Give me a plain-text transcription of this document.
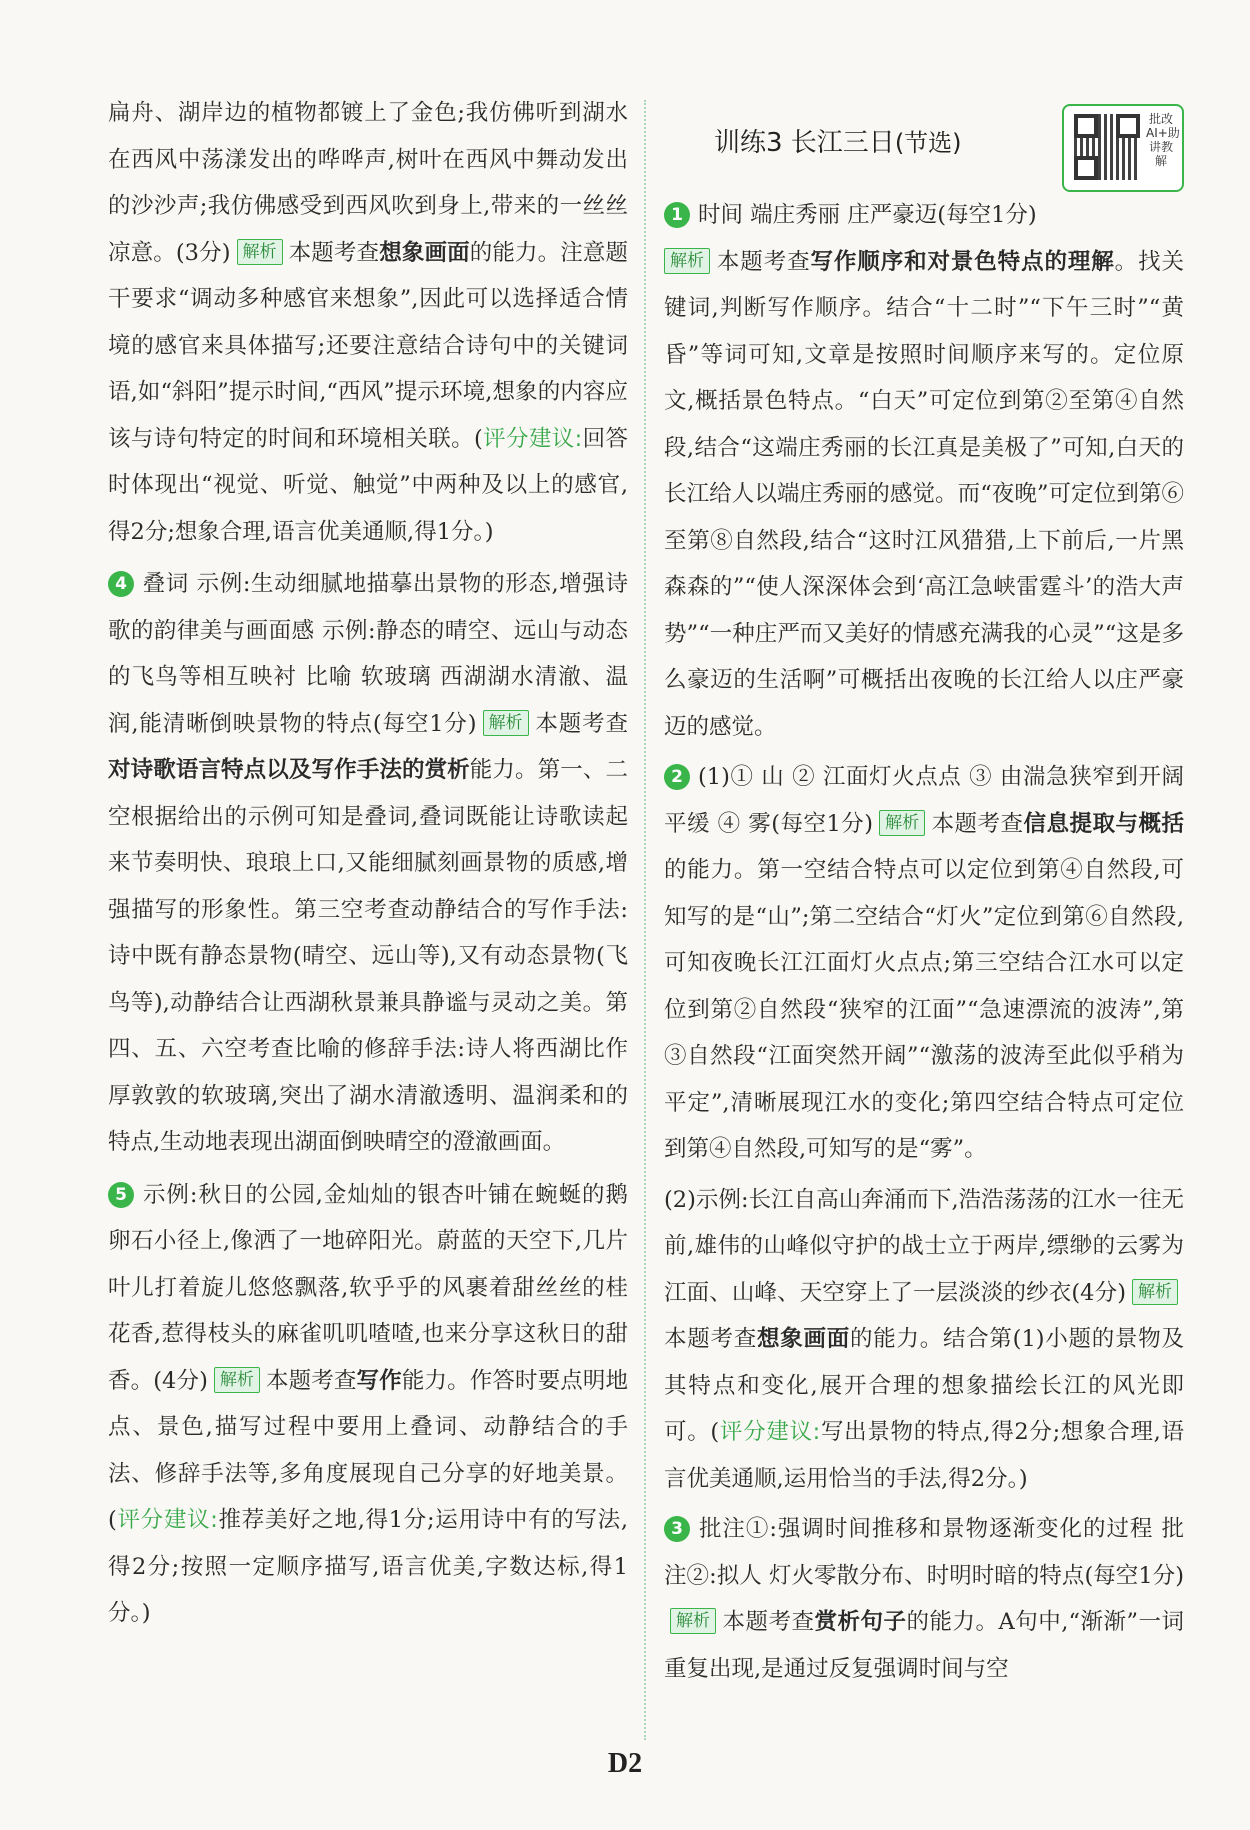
扁舟、湖岸边的植物都镀上了金色;我仿佛听到湖水在西风中荡漾发出的哗哗声,树叶在西风中舞动发出的沙沙声;我仿佛感受到西风吹到身上,带来的一丝丝凉意。(3分) 解析 本题考查想象画面的能力。注意题干要求“调动多种感官来想象”,因此可以选择适合情境的感官来具体描写;还要注意结合诗句中的关键词语,如“斜阳”提示时间,“西风”提示环境,想象的内容应该与诗句特定的时间和环境相关联。(评分建议:回答时体现出“视觉、听觉、触觉”中两种及以上的感官,得2分;想象合理,语言优美通顺,得1分。)

4 叠词 示例:生动细腻地描摹出景物的形态,增强诗歌的韵律美与画面感 示例:静态的晴空、远山与动态的飞鸟等相互映衬 比喻 软玻璃 西湖湖水清澈、温润,能清晰倒映景物的特点(每空1分) 解析 本题考查对诗歌语言特点以及写作手法的赏析能力。第一、二空根据给出的示例可知是叠词,叠词既能让诗歌读起来节奏明快、琅琅上口,又能细腻刻画景物的质感,增强描写的形象性。第三空考查动静结合的写作手法:诗中既有静态景物(晴空、远山等),又有动态景物(飞鸟等),动静结合让西湖秋景兼具静谧与灵动之美。第四、五、六空考查比喻的修辞手法:诗人将西湖比作厚敦敦的软玻璃,突出了湖水清澈透明、温润柔和的特点,生动地表现出湖面倒映晴空的澄澈画面。

5 示例:秋日的公园,金灿灿的银杏叶铺在蜿蜒的鹅卵石小径上,像洒了一地碎阳光。蔚蓝的天空下,几片叶儿打着旋儿悠悠飘落,软乎乎的风裹着甜丝丝的桂花香,惹得枝头的麻雀叽叽喳喳,也来分享这秋日的甜香。(4分) 解析 本题考查写作能力。作答时要点明地点、景色,描写过程中要用上叠词、动静结合的手法、修辞手法等,多角度展现自己分享的好地美景。(评分建议:推荐美好之地,得1分;运用诗中有的写法,得2分;按照一定顺序描写,语言优美,字数达标,得1分。)

训练3 长江三日(节选)
批改AI+助讲教解

1 时间 端庄秀丽 庄严豪迈(每空1分)
解析 本题考查写作顺序和对景色特点的理解。找关键词,判断写作顺序。结合“十二时”“下午三时”“黄昏”等词可知,文章是按照时间顺序来写的。定位原文,概括景色特点。“白天”可定位到第②至第④自然段,结合“这端庄秀丽的长江真是美极了”可知,白天的长江给人以端庄秀丽的感觉。而“夜晚”可定位到第⑥至第⑧自然段,结合“这时江风猎猎,上下前后,一片黑森森的”“使人深深体会到‘高江急峡雷霆斗’的浩大声势”“一种庄严而又美好的情感充满我的心灵”“这是多么豪迈的生活啊”可概括出夜晚的长江给人以庄严豪迈的感觉。

2 (1)① 山 ② 江面灯火点点 ③ 由湍急狭窄到开阔平缓 ④ 雾(每空1分) 解析 本题考查信息提取与概括的能力。第一空结合特点可以定位到第④自然段,可知写的是“山”;第二空结合“灯火”定位到第⑥自然段,可知夜晚长江江面灯火点点;第三空结合江水可以定位到第②自然段“狭窄的江面”“急速漂流的波涛”,第③自然段“江面突然开阔”“激荡的波涛至此似乎稍为平定”,清晰展现江水的变化;第四空结合特点可定位到第④自然段,可知写的是“雾”。

(2)示例:长江自高山奔涌而下,浩浩荡荡的江水一往无前,雄伟的山峰似守护的战士立于两岸,缥缈的云雾为江面、山峰、天空穿上了一层淡淡的纱衣(4分) 解析本题考查想象画面的能力。结合第(1)小题的景物及其特点和变化,展开合理的想象描绘长江的风光即可。(评分建议:写出景物的特点,得2分;想象合理,语言优美通顺,运用恰当的手法,得2分。)

3 批注①:强调时间推移和景物逐渐变化的过程 批注②:拟人 灯火零散分布、时明时暗的特点(每空1分)解析 本题考查赏析句子的能力。A句中,“渐渐”一词重复出现,是通过反复强调时间与空

D2
